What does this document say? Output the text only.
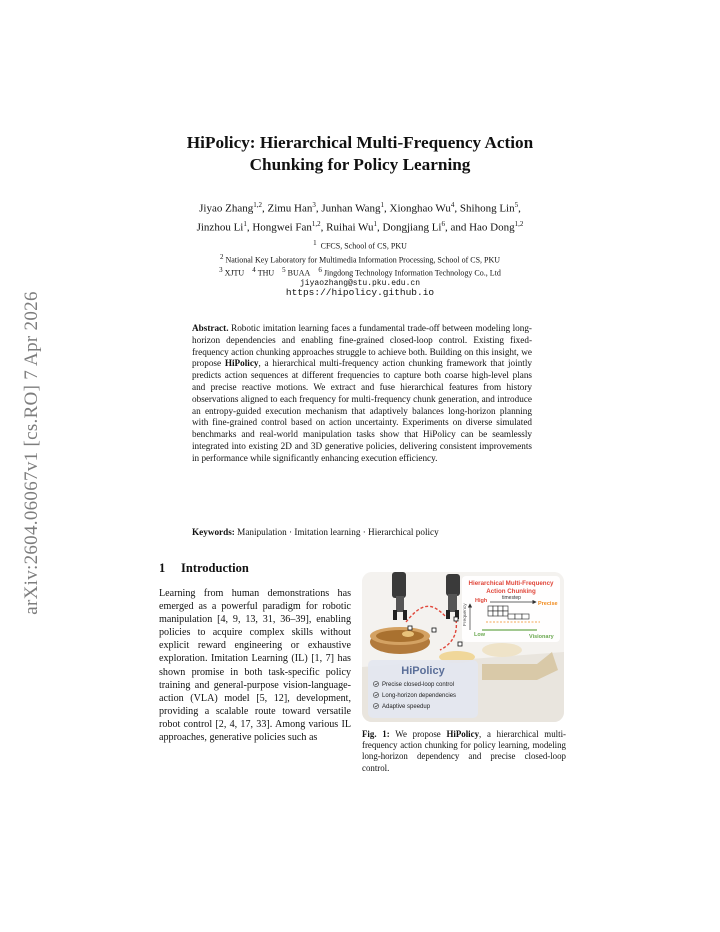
arXiv:2604.06067v1 [cs.RO] 7 Apr 2026
HiPolicy: Hierarchical Multi-Frequency Action
Chunking for Policy Learning
Jiyao Zhang$^{1,2}$, Zimu Han$^3$, Junhan Wang$^1$, Xionghao Wu$^4$, Shihong Lin$^5$,
Jinzhou Li$^1$, Hongwei Fan$^{1,2}$, Ruihai Wu$^1$, Dongjiang Li$^6$, and Hao Dong$^{1,2}$
$^1$ CFCS, School of CS, PKU
$^2$ National Key Laboratory for Multimedia Information Processing, School of CS, PKU
$^3$ XJTU $^4$ THU $^5$ BUAA $^6$ Jingdong Technology Information Technology Co., Ltd
jiyaozhang@stu.pku.edu.cn
https://hipolicy.github.io
Abstract. Robotic imitation learning faces a fundamental trade-off between modeling long-horizon dependencies and enabling fine-grained closed-loop control. Existing fixed-frequency action chunking approaches struggle to achieve both. Building on this insight, we propose HiPolicy, a hierarchical multi-frequency action chunking framework that jointly predicts action sequences at different frequencies to capture both coarse high-level plans and precise reactive motions. We extract and fuse hierarchical features from history observations aligned to each frequency for multi-frequency chunk generation, and introduce an entropy-guided execution mechanism that adaptively balances long-horizon planning with fine-grained control based on action uncertainty. Experiments on diverse simulated benchmarks and real-world manipulation tasks show that HiPolicy can be seamlessly integrated into existing 2D and 3D generative policies, delivering consistent improvements in performance while significantly enhancing execution efficiency.
Keywords: Manipulation · Imitation learning · Hierarchical policy
1 Introduction
Learning from human demonstrations has emerged as a powerful paradigm for robotic manipulation [4, 9, 13, 31, 36–39], enabling policies to acquire complex skills without explicit reward engineering or exhaustive exploration. Imitation Learning (IL) [1, 7] has shown promise in both task-specific policy training and general-purpose vision-language-action (VLA) model [5, 12], development, providing a scalable route toward versatile robot control [2, 4, 17, 33]. Among various IL approaches, generative policies such as
Hierarchical Multi-Frequency
Action Chunking
High	timestep
Precise
Frequency
Low	Visionary
HiPolicy
Precise closed-loop control
Long-horizon dependencies
Adaptive speedup
Fig. 1: We propose HiPolicy, a hierarchical multi-frequency action chunking for policy learning, modeling long-horizon dependency and precise closed-loop control.
